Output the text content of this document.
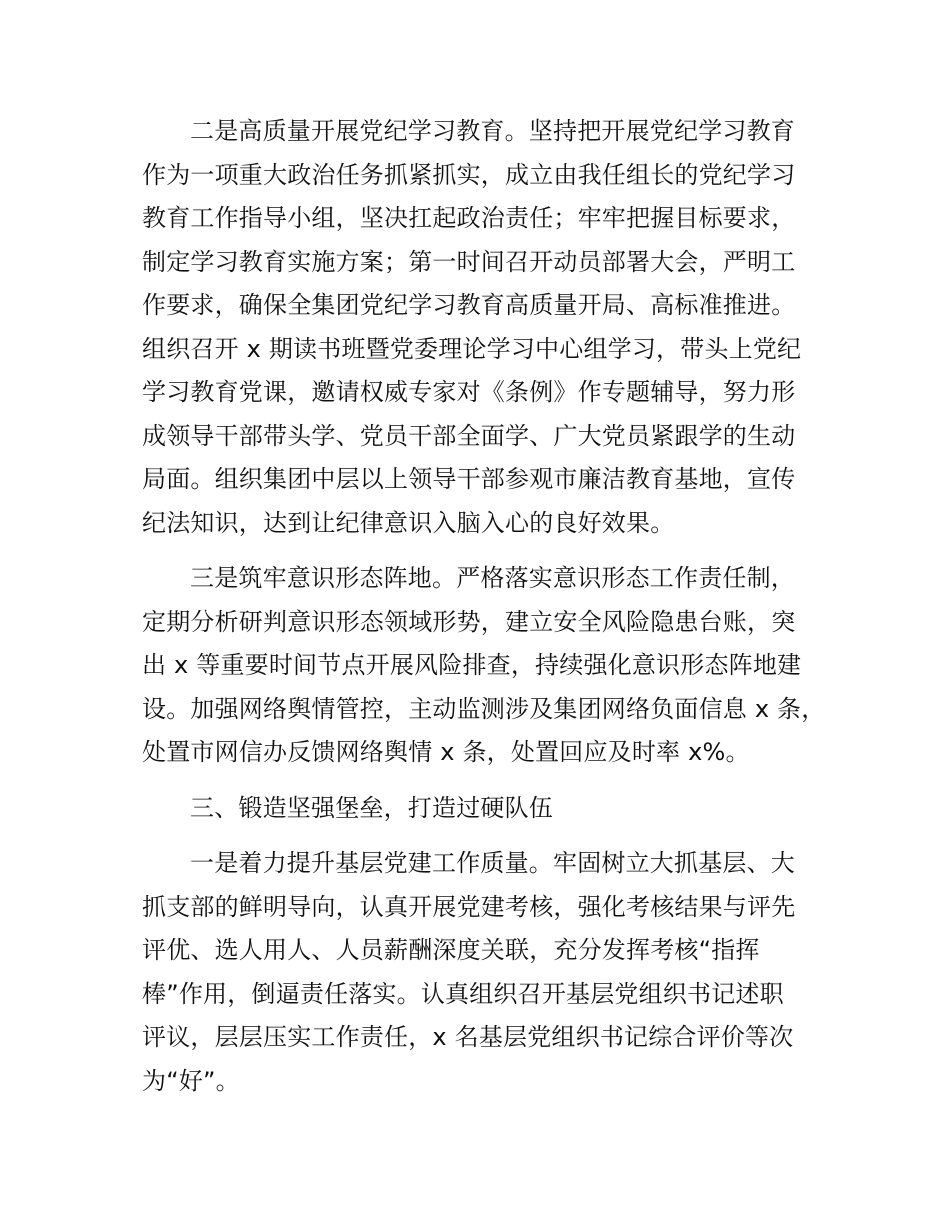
二是高质量开展党纪学习教育。坚持把开展党纪学习教育
作为一项重大政治任务抓紧抓实，成立由我任组长的党纪学习
教育工作指导小组，坚决扛起政治责任；牢牢把握目标要求，
制定学习教育实施方案；第一时间召开动员部署大会，严明工
作要求，确保全集团党纪学习教育高质量开局、高标准推进。
组织召开 x 期读书班暨党委理论学习中心组学习，带头上党纪
学习教育党课，邀请权威专家对《条例》作专题辅导，努力形
成领导干部带头学、党员干部全面学、广大党员紧跟学的生动
局面。组织集团中层以上领导干部参观市廉洁教育基地，宣传
纪法知识，达到让纪律意识入脑入心的良好效果。

三是筑牢意识形态阵地。严格落实意识形态工作责任制，
定期分析研判意识形态领域形势，建立安全风险隐患台账，突
出 x 等重要时间节点开展风险排查，持续强化意识形态阵地建
设。加强网络舆情管控，主动监测涉及集团网络负面信息 x 条，
处置市网信办反馈网络舆情 x 条，处置回应及时率 x%。

三、锻造坚强堡垒，打造过硬队伍

一是着力提升基层党建工作质量。牢固树立大抓基层、大
抓支部的鲜明导向，认真开展党建考核，强化考核结果与评先
评优、选人用人、人员薪酬深度关联，充分发挥考核“指挥
棒”作用，倒逼责任落实。认真组织召开基层党组织书记述职
评议，层层压实工作责任，x 名基层党组织书记综合评价等次
为“好”。
